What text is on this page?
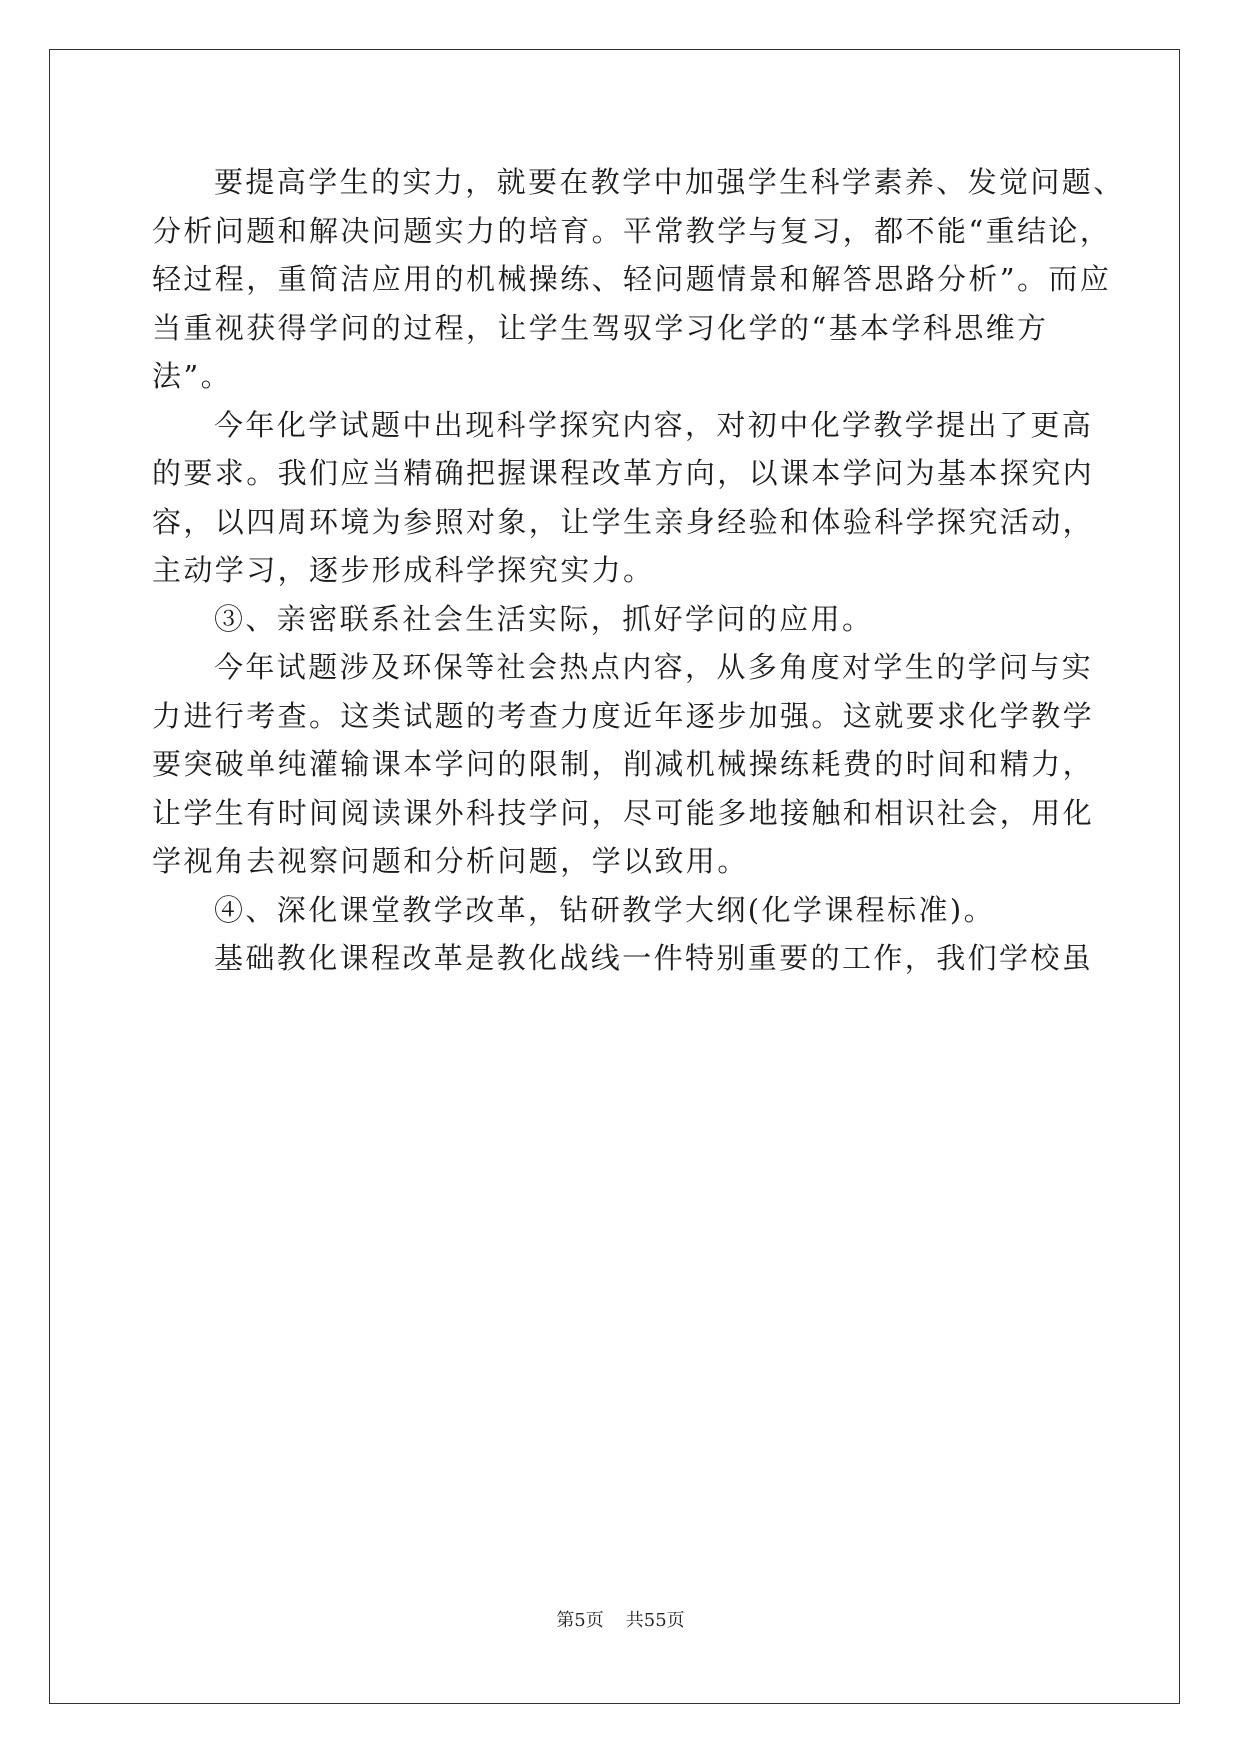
要提高学生的实力，就要在教学中加强学生科学素养、发觉问题、
分析问题和解决问题实力的培育。平常教学与复习，都不能“重结论，
轻过程，重简洁应用的机械操练、轻问题情景和解答思路分析”。而应
当重视获得学问的过程，让学生驾驭学习化学的“基本学科思维方
法”。
今年化学试题中出现科学探究内容，对初中化学教学提出了更高
的要求。我们应当精确把握课程改革方向，以课本学问为基本探究内
容，以四周环境为参照对象，让学生亲身经验和体验科学探究活动，
主动学习，逐步形成科学探究实力。
③、亲密联系社会生活实际，抓好学问的应用。
今年试题涉及环保等社会热点内容，从多角度对学生的学问与实
力进行考查。这类试题的考查力度近年逐步加强。这就要求化学教学
要突破单纯灌输课本学问的限制，削减机械操练耗费的时间和精力，
让学生有时间阅读课外科技学问，尽可能多地接触和相识社会，用化
学视角去视察问题和分析问题，学以致用。
④、深化课堂教学改革，钻研教学大纲(化学课程标准)。
基础教化课程改革是教化战线一件特别重要的工作，我们学校虽
第5页 共55页
